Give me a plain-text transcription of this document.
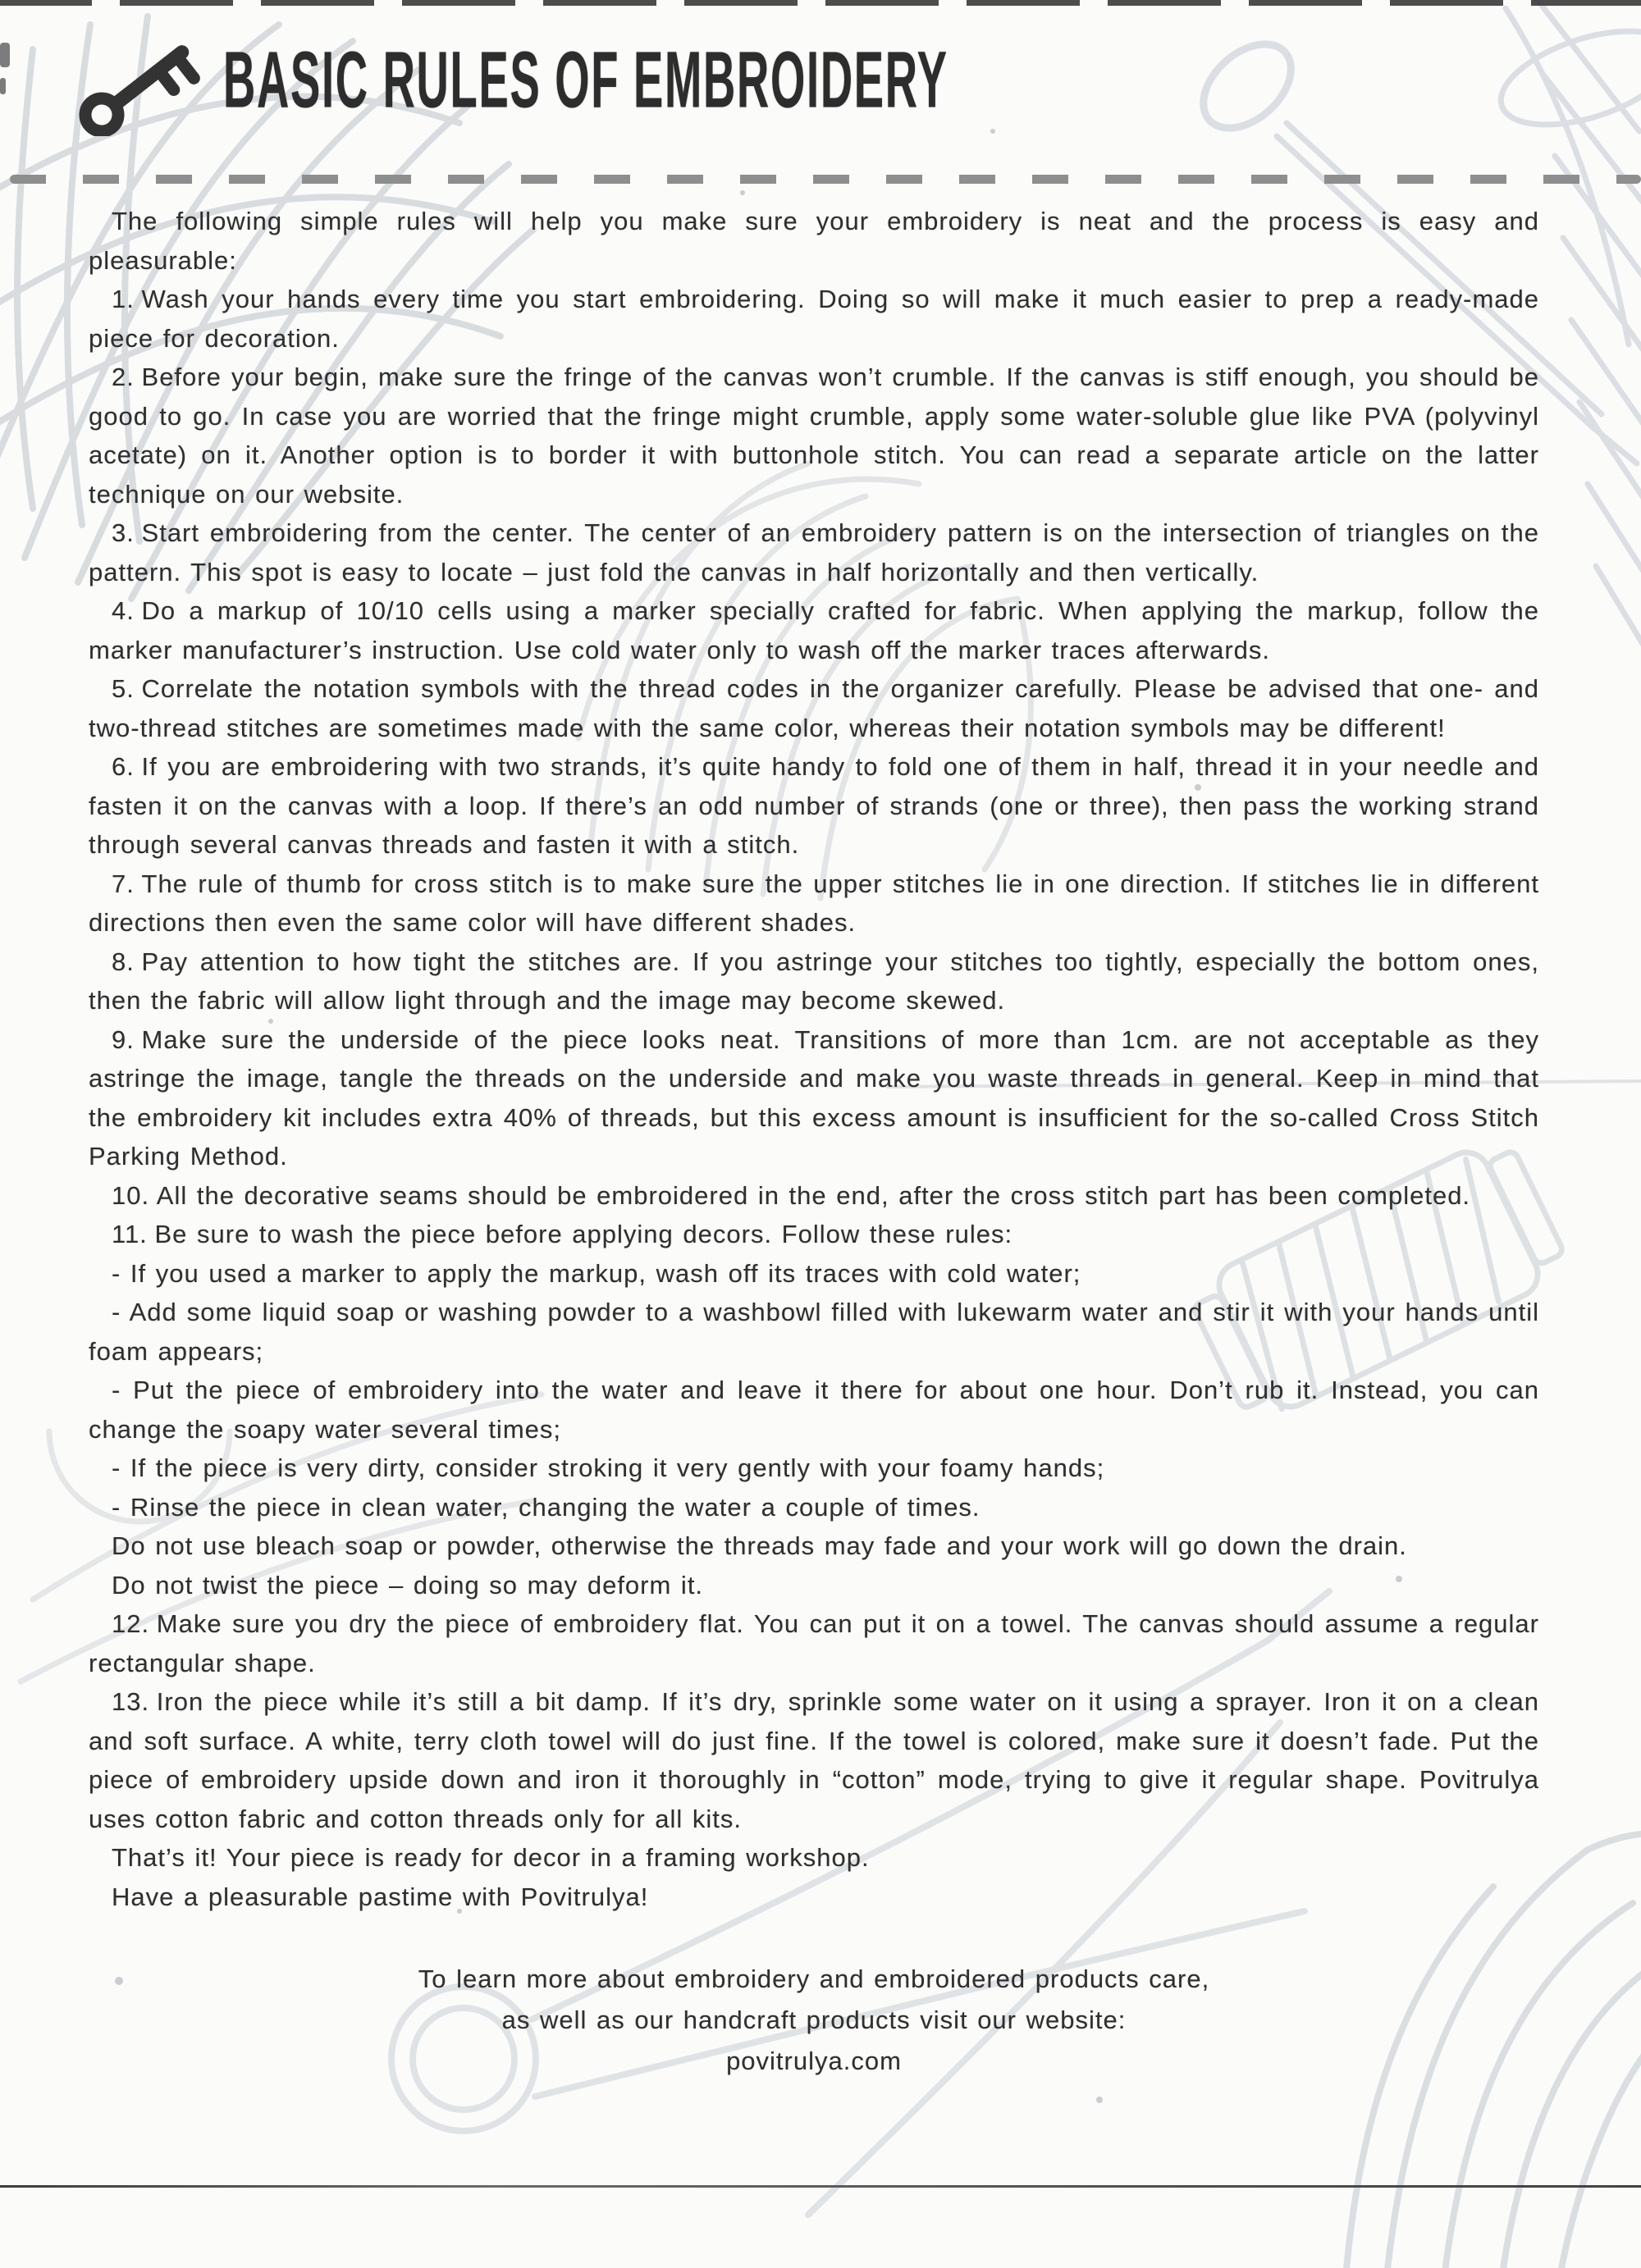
BASIC RULES OF EMBROIDERY

The following simple rules will help you make sure your embroidery is neat and the process is easy and pleasurable:

1. Wash your hands every time you start embroidering. Doing so will make it much easier to prep a ready-made piece for decoration.

2. Before your begin, make sure the fringe of the canvas won’t crumble. If the canvas is stiff enough, you should be good to go. In case you are worried that the fringe might crumble, apply some water-soluble glue like PVA (polyvinyl acetate) on it. Another option is to border it with buttonhole stitch. You can read a separate article on the latter technique on our website.

3. Start embroidering from the center. The center of an embroidery pattern is on the intersection of triangles on the pattern. This spot is easy to locate – just fold the canvas in half horizontally and then vertically.

4. Do a markup of 10/10 cells using a marker specially crafted for fabric. When applying the markup, follow the marker manufacturer’s instruction. Use cold water only to wash off the marker traces afterwards.

5. Correlate the notation symbols with the thread codes in the organizer carefully. Please be advised that one- and two-thread stitches are sometimes made with the same color, whereas their notation symbols may be different!

6. If you are embroidering with two strands, it’s quite handy to fold one of them in half, thread it in your needle and fasten it on the canvas with a loop. If there’s an odd number of strands (one or three), then pass the working strand through several canvas threads and fasten it with a stitch.

7. The rule of thumb for cross stitch is to make sure the upper stitches lie in one direction. If stitches lie in different directions then even the same color will have different shades.

8. Pay attention to how tight the stitches are. If you astringe your stitches too tightly, especially the bottom ones, then the fabric will allow light through and the image may become skewed.

9. Make sure the underside of the piece looks neat. Transitions of more than 1cm. are not acceptable as they astringe the image, tangle the threads on the underside and make you waste threads in general. Keep in mind that the embroidery kit includes extra 40% of threads, but this excess amount is insufficient for the so-called Cross Stitch Parking Method.

10. All the decorative seams should be embroidered in the end, after the cross stitch part has been completed.

11. Be sure to wash the piece before applying decors. Follow these rules:

- If you used a marker to apply the markup, wash off its traces with cold water;

- Add some liquid soap or washing powder to a washbowl filled with lukewarm water and stir it with your hands until foam appears;

- Put the piece of embroidery into the water and leave it there for about one hour. Don’t rub it. Instead, you can change the soapy water several times;

- If the piece is very dirty, consider stroking it very gently with your foamy hands;

- Rinse the piece in clean water, changing the water a couple of times.

Do not use bleach soap or powder, otherwise the threads may fade and your work will go down the drain.

Do not twist the piece – doing so may deform it.

12. Make sure you dry the piece of embroidery flat. You can put it on a towel. The canvas should assume a regular rectangular shape.

13. Iron the piece while it’s still a bit damp. If it’s dry, sprinkle some water on it using a sprayer. Iron it on a clean and soft surface. A white, terry cloth towel will do just fine. If the towel is colored, make sure it doesn’t fade. Put the piece of embroidery upside down and iron it thoroughly in “cotton” mode, trying to give it regular shape. Povitrulya uses cotton fabric and cotton threads only for all kits.

That’s it! Your piece is ready for decor in a framing workshop.

Have a pleasurable pastime with Povitrulya!

To learn more about embroidery and embroidered products care,

as well as our handcraft products visit our website:

povitrulya.com
